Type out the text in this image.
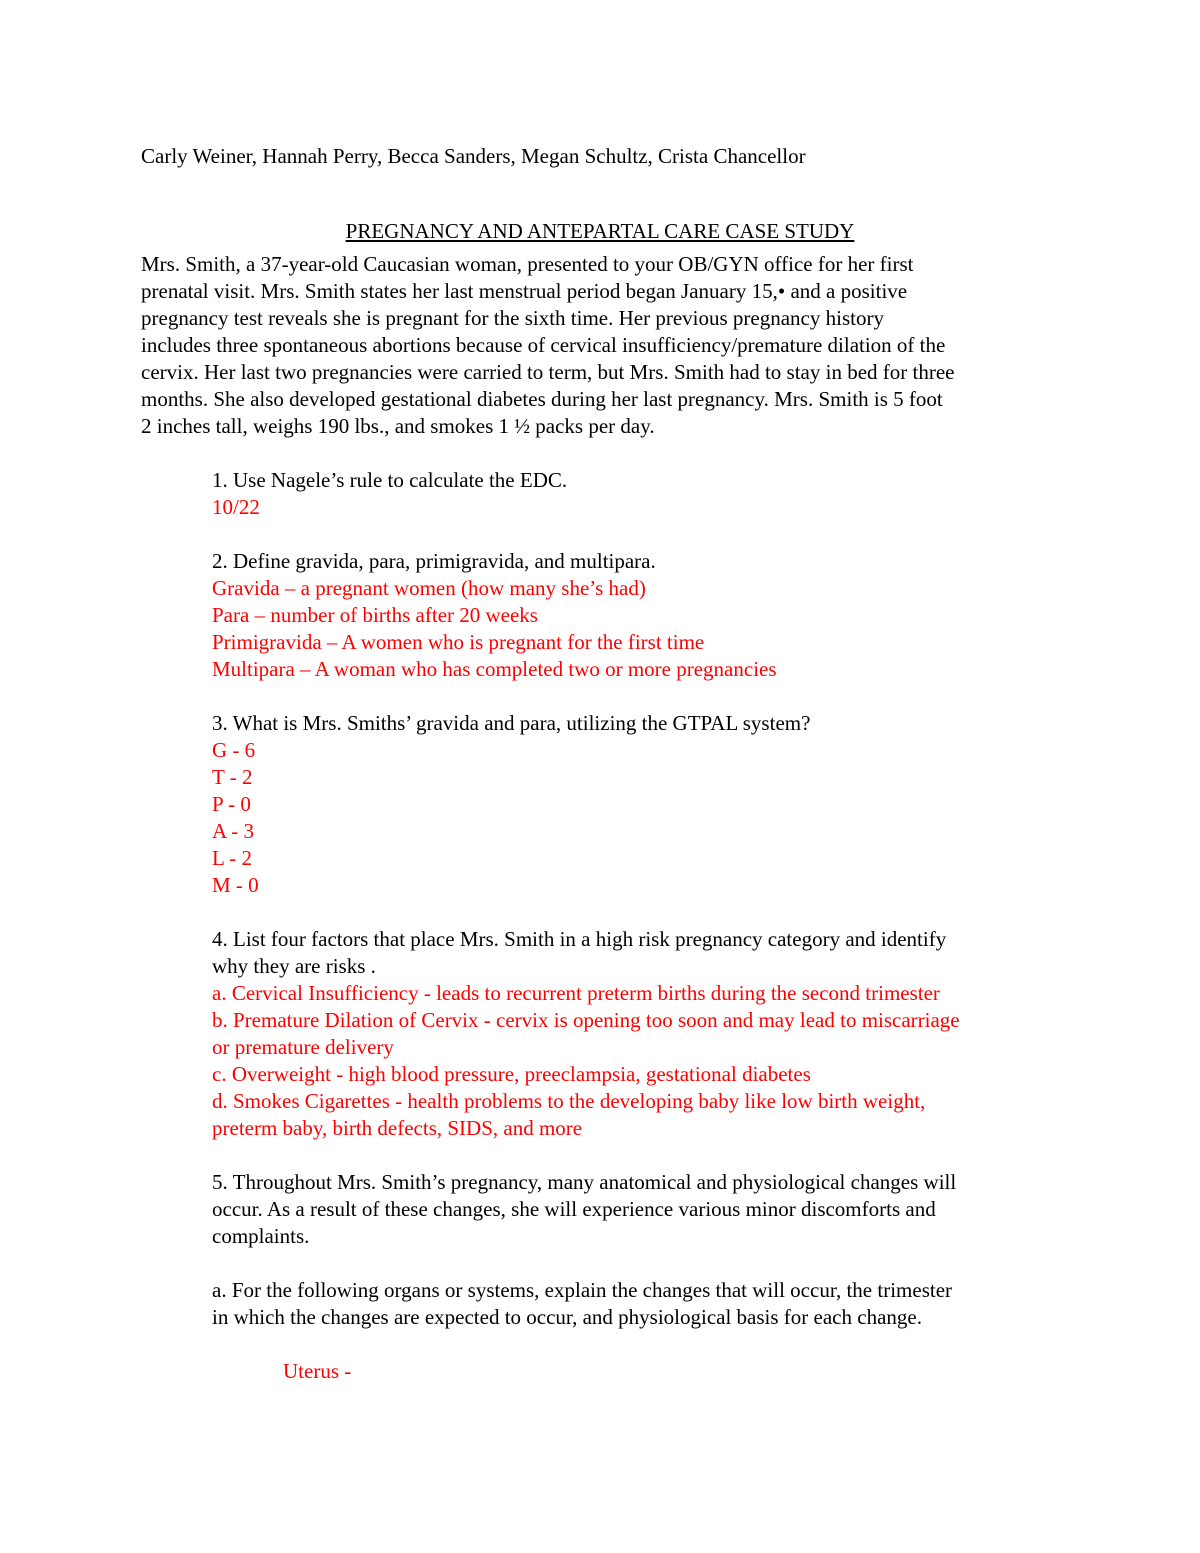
Carly Weiner, Hannah Perry, Becca Sanders, Megan Schultz, Crista Chancellor

PREGNANCY AND ANTEPARTAL CARE CASE STUDY

Mrs. Smith, a 37-year-old Caucasian woman, presented to your OB/GYN office for her first

prenatal visit. Mrs. Smith states her last menstrual period began January 15,• and a positive

pregnancy test reveals she is pregnant for the sixth time. Her previous pregnancy history

includes three spontaneous abortions because of cervical insufficiency/premature dilation of the

cervix. Her last two pregnancies were carried to term, but Mrs. Smith had to stay in bed for three

months. She also developed gestational diabetes during her last pregnancy. Mrs. Smith is 5 foot

2 inches tall, weighs 190 lbs., and smokes 1 ½ packs per day.

1. Use Nagele’s rule to calculate the EDC.

10/22

2. Define gravida, para, primigravida, and multipara.

Gravida – a pregnant women (how many she’s had)

Para – number of births after 20 weeks

Primigravida – A women who is pregnant for the first time

Multipara – A woman who has completed two or more pregnancies

3. What is Mrs. Smiths’ gravida and para, utilizing the GTPAL system?

G - 6

T - 2

P - 0

A - 3

L - 2

M - 0

4. List four factors that place Mrs. Smith in a high risk pregnancy category and identify

why they are risks .

a. Cervical Insufficiency - leads to recurrent preterm births during the second trimester

b. Premature Dilation of Cervix - cervix is opening too soon and may lead to miscarriage

or premature delivery

c. Overweight - high blood pressure, preeclampsia, gestational diabetes

d. Smokes Cigarettes - health problems to the developing baby like low birth weight,

preterm baby, birth defects, SIDS, and more

5. Throughout Mrs. Smith’s pregnancy, many anatomical and physiological changes will

occur. As a result of these changes, she will experience various minor discomforts and

complaints.

a. For the following organs or systems, explain the changes that will occur, the trimester

in which the changes are expected to occur, and physiological basis for each change.

Uterus -
